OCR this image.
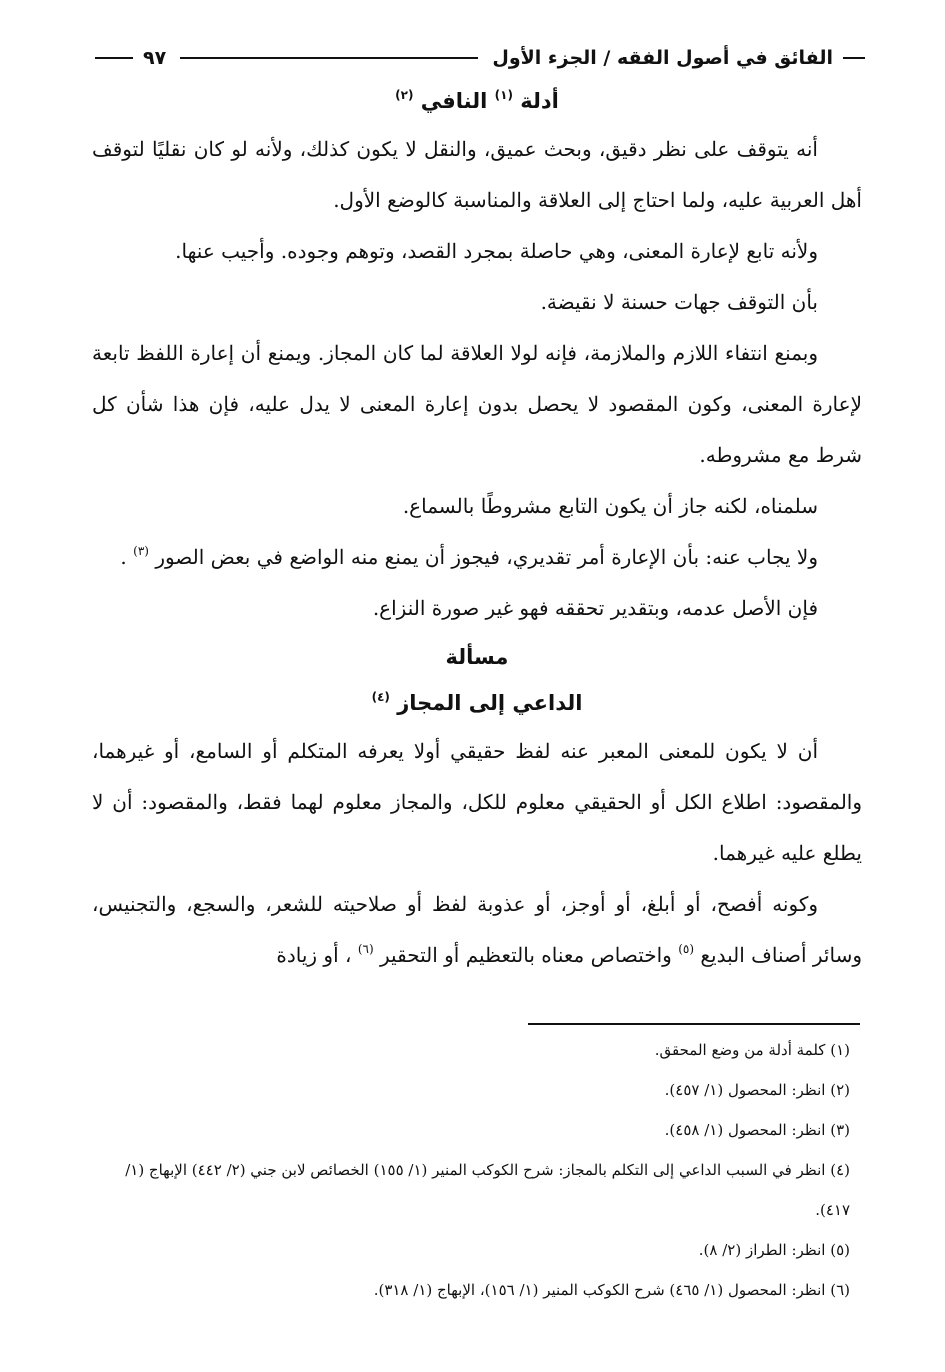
الفائق في أصول الفقه / الجزء الأول
٩٧

أدلة $^{(١)}$ النافي $^{(٢)}$

أنه يتوقف على نظر دقيق، وبحث عميق، والنقل لا يكون كذلك، ولأنه لو كان نقليًا لتوقف أهل العربية عليه، ولما احتاج إلى العلاقة والمناسبة كالوضع الأول.

ولأنه تابع لإعارة المعنى، وهي حاصلة بمجرد القصد، وتوهم وجوده. وأجيب عنها.

بأن التوقف جهات حسنة لا نقيضة.

وبمنع انتفاء اللازم والملازمة، فإنه لولا العلاقة لما كان المجاز. ويمنع أن إعارة اللفظ تابعة لإعارة المعنى، وكون المقصود لا يحصل بدون إعارة المعنى لا يدل عليه، فإن هذا شأن كل شرط مع مشروطه.

سلمناه، لكنه جاز أن يكون التابع مشروطًا بالسماع.

ولا يجاب عنه: بأن الإعارة أمر تقديري، فيجوز أن يمنع منه الواضع في بعض الصور $^{(٣)}$ .

فإن الأصل عدمه، وبتقدير تحققه فهو غير صورة النزاع.

مسألة

الداعي إلى المجاز $^{(٤)}$

أن لا يكون للمعنى المعبر عنه لفظ حقيقي أولا يعرفه المتكلم أو السامع، أو غيرهما، والمقصود: اطلاع الكل أو الحقيقي معلوم للكل، والمجاز معلوم لهما فقط، والمقصود: أن لا يطلع عليه غيرهما.

وكونه أفصح، أو أبلغ، أو أوجز، أو عذوبة لفظ أو صلاحيته للشعر، والسجع، والتجنيس، وسائر أصناف البديع $^{(٥)}$ واختصاص معناه بالتعظيم أو التحقير $^{(٦)}$ ، أو زيادة

(١) كلمة أدلة من وضع المحقق.

(٢) انظر: المحصول (١/ ٤٥٧).

(٣) انظر: المحصول (١/ ٤٥٨).

(٤) انظر في السبب الداعي إلى التكلم بالمجاز: شرح الكوكب المنير (١/ ١٥٥) الخصائص لابن جني (٢/ ٤٤٢) الإبهاج (١/ ٤١٧).

(٥) انظر: الطراز (٢/ ٨).

(٦) انظر: المحصول (١/ ٤٦٥) شرح الكوكب المنير (١/ ١٥٦)، الإبهاج (١/ ٣١٨).
